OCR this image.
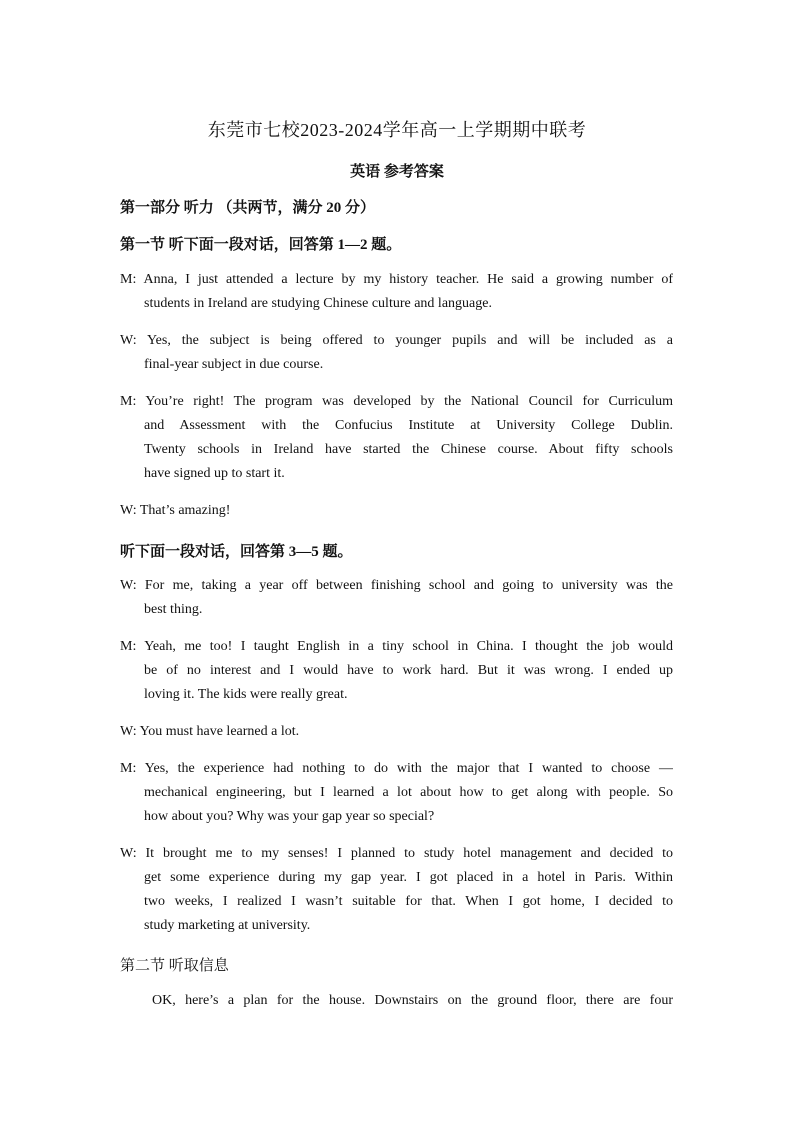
东莞市七校2023-2024学年高一上学期期中联考
英语 参考答案
第一部分 听力 （共两节，满分 20 分）
第一节 听下面一段对话，回答第 1—2 题。
M: Anna, I just attended a lecture by my history teacher. He said a growing number of
students in Ireland are studying Chinese culture and language.
W: Yes, the subject is being offered to younger pupils and will be included as a
final-year subject in due course.
M: You’re right! The program was developed by the National Council for Curriculum
and Assessment with the Confucius Institute at University College Dublin.
Twenty schools in Ireland have started the Chinese course. About fifty schools
have signed up to start it.
W: That’s amazing!
听下面一段对话，回答第 3—5 题。
W: For me, taking a year off between finishing school and going to university was the
best thing.
M: Yeah, me too! I taught English in a tiny school in China. I thought the job would
be of no interest and I would have to work hard. But it was wrong. I ended up
loving it. The kids were really great.
W: You must have learned a lot.
M: Yes, the experience had nothing to do with the major that I wanted to choose —
mechanical engineering, but I learned a lot about how to get along with people. So
how about you? Why was your gap year so special?
W: It brought me to my senses! I planned to study hotel management and decided to
get some experience during my gap year. I got placed in a hotel in Paris. Within
two weeks, I realized I wasn’t suitable for that. When I got home, I decided to
study marketing at university.
第二节 听取信息
OK, here’s a plan for the house. Downstairs on the ground floor, there are four
